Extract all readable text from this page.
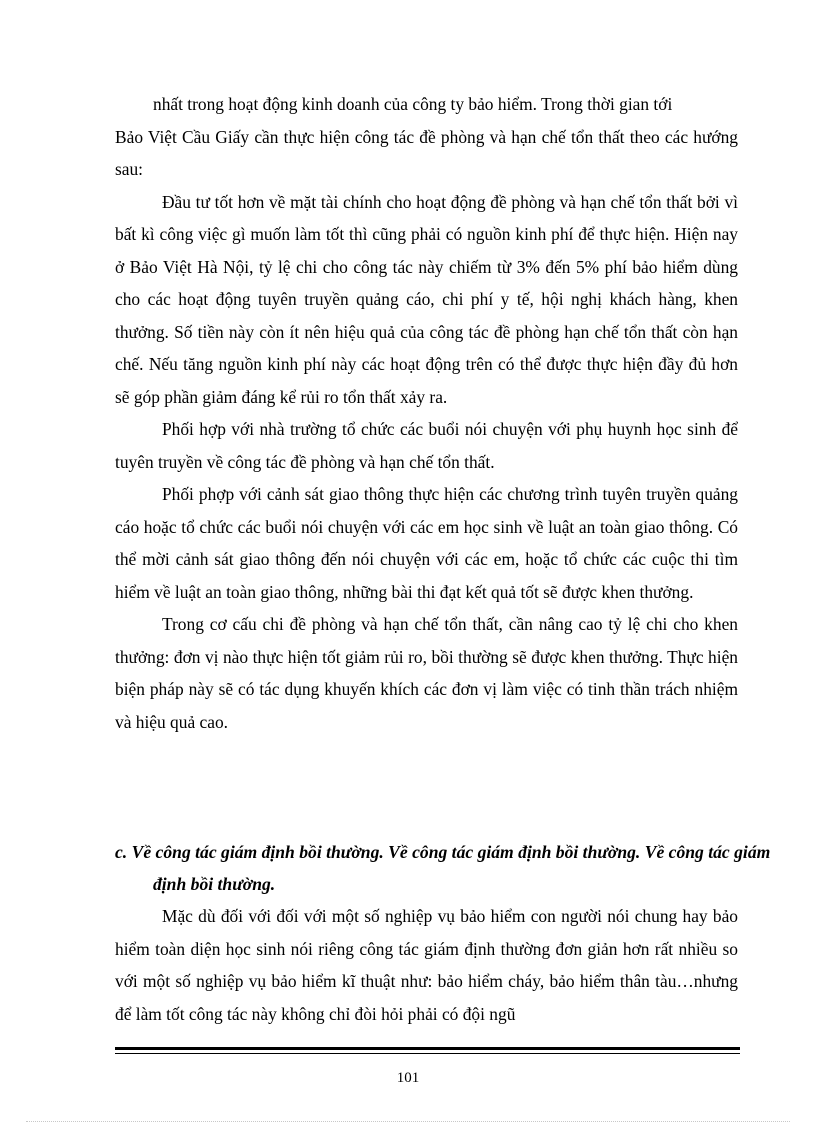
nhất trong hoạt động kinh doanh của công ty bảo hiểm. Trong thời gian tới
Bảo Việt Cầu Giấy cần thực hiện công tác đề phòng và hạn chế tổn thất theo các hướng sau:

Đầu tư tốt hơn về mặt tài chính cho hoạt động đề phòng và hạn chế tổn thất bởi vì bất kì công việc gì muốn làm tốt thì cũng phải có nguồn kinh phí để thực hiện. Hiện nay ở Bảo Việt Hà Nội, tỷ lệ chi cho công tác này chiếm từ 3% đến 5% phí bảo hiểm dùng cho các hoạt động tuyên truyền quảng cáo, chi phí y tế, hội nghị khách hàng, khen thưởng. Số tiền này còn ít nên hiệu quả của công tác đề phòng hạn chế tổn thất còn hạn chế. Nếu tăng nguồn kinh phí này các hoạt động trên có thể được thực hiện đầy đủ hơn sẽ góp phần giảm đáng kể rủi ro tổn thất xảy ra.

Phối hợp với nhà trường tổ chức các buổi nói chuyện với phụ huynh học sinh để tuyên truyền về công tác đề phòng và hạn chế tổn thất.

Phối phợp với cảnh sát giao thông thực hiện các chương trình tuyên truyền quảng cáo hoặc tổ chức các buổi nói chuyện với các em học sinh về luật an toàn giao thông. Có thể mời cảnh sát giao thông đến nói chuyện với các em, hoặc tổ chức các cuộc thi tìm hiểm về luật an toàn giao thông, những bài thi đạt kết quả tốt sẽ được khen thưởng.

Trong cơ cấu chi đề phòng và hạn chế tổn thất, cần nâng cao tỷ lệ chi cho khen thưởng: đơn vị nào thực hiện tốt giảm rủi ro, bồi thường sẽ được khen thưởng. Thực hiện biện pháp này sẽ có tác dụng khuyến khích các đơn vị làm việc có tinh thần trách nhiệm và hiệu quả cao.

c. Về công tác giám định bồi thường. Về công tác giám định bồi thường. Về công tác giám định bồi thường.

Mặc dù đối với đối với một số nghiệp vụ bảo hiểm con người nói chung hay bảo hiểm toàn diện học sinh nói riêng công tác giám định thường đơn giản hơn rất nhiều so với một số nghiệp vụ bảo hiểm kĩ thuật như: bảo hiểm cháy, bảo hiểm thân tàu…nhưng để làm tốt công tác này không chỉ đòi hỏi phải có đội ngũ

101
